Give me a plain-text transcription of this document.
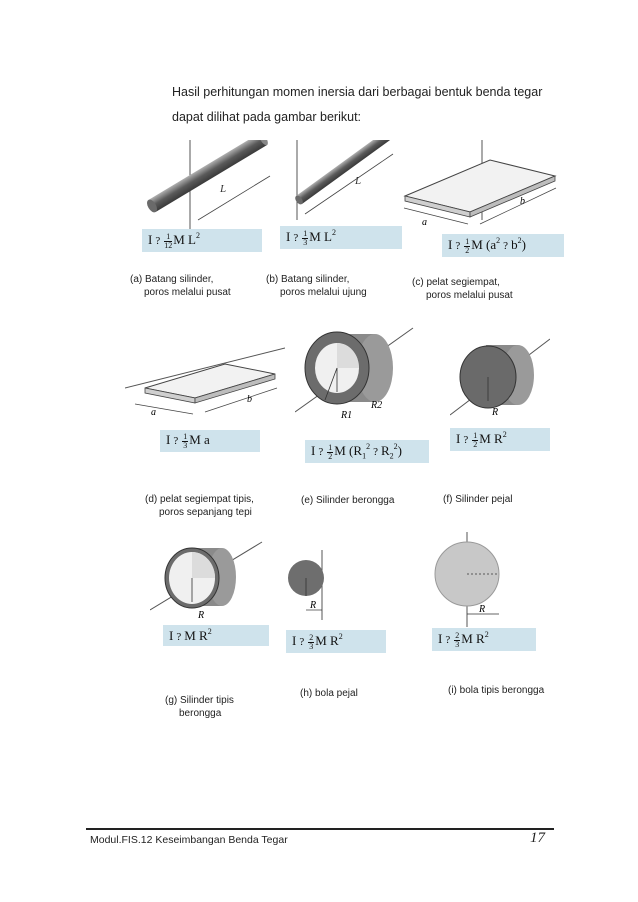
Hasil perhitungan momen inersia dari berbagai bentuk benda tegar
dapat dilihat pada gambar berikut:
L
L
a
b
I ? $\frac{1}{12}$ M $L^2$	I ? $\frac{1}{3}$ M $L^2$
I ? $\frac{1}{2}$ M ($a^2$ ? $b^2$)
(a) Batang silinder,
poros melalui pusat
(b) Batang silinder,
poros melalui ujung
(c) pelat segiempat,
poros melalui pusat
a
b
R1
R2
R
I ? $\frac{1}{3}$ M a
I ? $\frac{1}{2}$ M ($R_1^2$ ? $R_2^2$)
I ? $\frac{1}{2}$ M $R^2$
(d) pelat segiempat tipis,
poros sepanjang tepi
(e) Silinder berongga	(f) Silinder pejal
R
R	R
I ? M $R^2$
I ? $\frac{2}{3}$ M $R^2$	I ? $\frac{2}{3}$ M $R^2$
(g) Silinder tipis
berongga
(h) bola pejal	(i) bola tipis berongga
Modul.FIS.12 Keseimbangan Benda Tegar	17
